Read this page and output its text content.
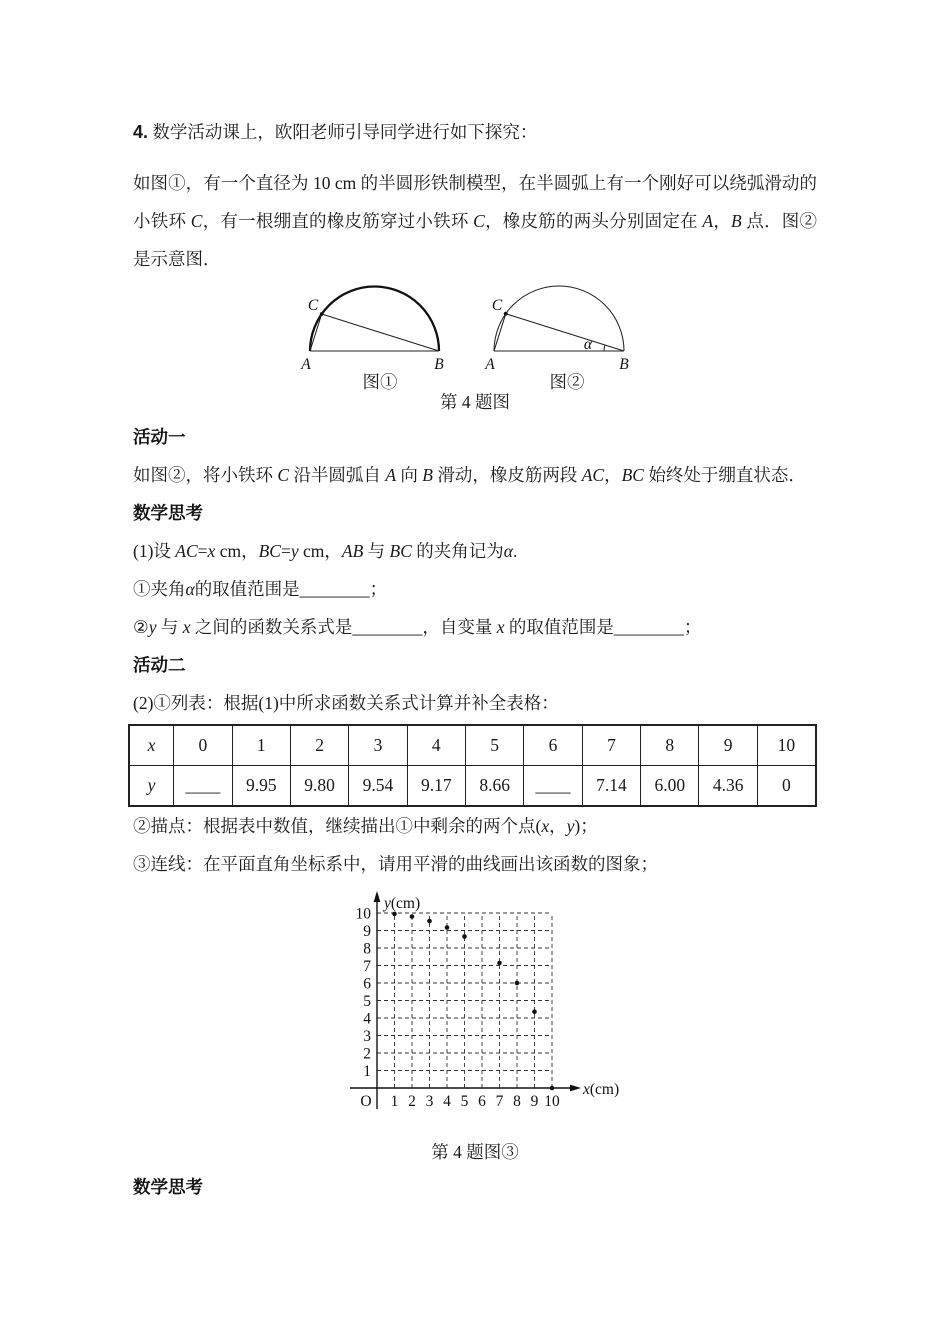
4. 数学活动课上，欧阳老师引导同学进行如下探究：

如图①，有一个直径为 10 cm 的半圆形铁制模型，在半圆弧上有一个刚好可以绕弧滑动的小铁环 C，有一根绷直的橡皮筋穿过小铁环 C，橡皮筋的两头分别固定在 A，B 点．图②是示意图．

A	B
C
图①
A	B
C
α
图②

第 4 题图

活动一

如图②，将小铁环 C 沿半圆弧自 A 向 B 滑动，橡皮筋两段 AC，BC 始终处于绷直状态．

数学思考

(1)设 AC=x cm，BC=y cm，AB 与 BC 的夹角记为α.

①夹角α的取值范围是________；

②y 与 x 之间的函数关系式是________，自变量 x 的取值范围是________；

活动二

(2)①列表：根据(1)中所求函数关系式计算并补全表格：

x	0	1	2	3	4	5	6	7	8	9	10
y	____	9.95	9.80	9.54	9.17	8.66	____	7.14	6.00	4.36	0

②描点：根据表中数值，继续描出①中剩余的两个点(x，y)；

③连线：在平面直角坐标系中，请用平滑的曲线画出该函数的图象；

1 2 3 4 5 6 7 8 9 10
1
2
3
4
5
6
7
8
9
10
O
y(cm)
x(cm)

第 4 题图③

数学思考
